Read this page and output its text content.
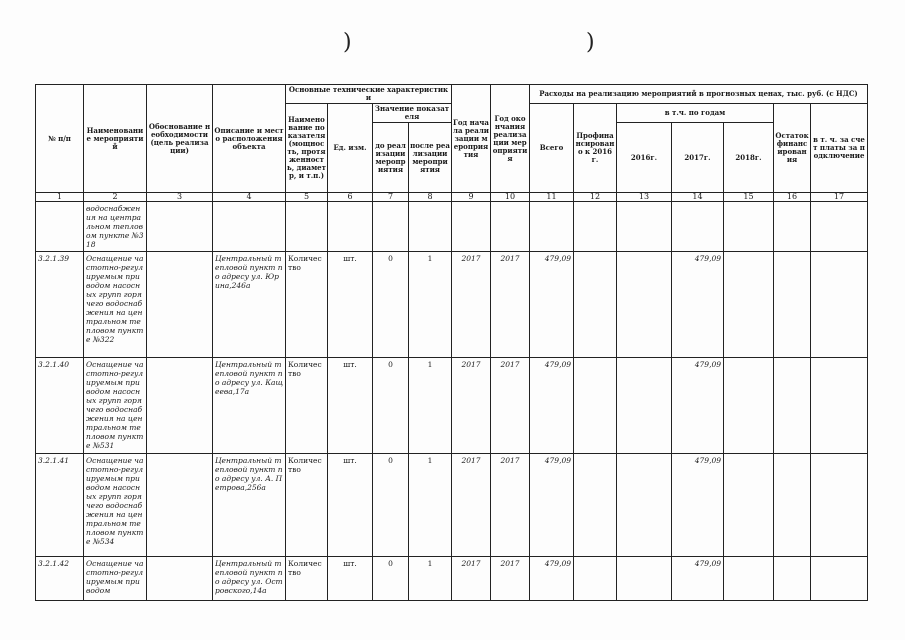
)	)
№ п/п	Наименование мероприятий	Обоснование необходимости (цель реализации)	Описание и место расположения объекта	Основные технические характеристики				Год начала реализации мероприятия	Год окончания реализации мероприятия	Расходы на реализацию мероприятий в прогнозных ценах, тыс. руб. (с НДС)						
				Наименование показателя (мощность, протяженность, диаметр, и т.п.)	Ед. изм.	Значение показателя				Всего	Профинансировано к 2016 г.	в т.ч. по годам			Остаток финансирования	в т. ч. за счет платы за подключение
						до реализации мероприятия	после реализации мероприятия					2016г.	2017г.	2018г.		

1	2	3	4	5	6	7	8	9	10	11	12	13	14	15	16	17
	водоснабжения на центральном тепловом пункте №318															
3.2.1.39	Оснащение частотно-регулируемым приводом насосных групп горячего водоснабжения на центральном тепловом пункте №322		Центральный тепловой пункт по адресу ул. Юрина,246а	Количество	шт.	0	1	2017	2017	479,09			479,09			
3.2.1.40	Оснащение частотно-регулируемым приводом насосных групп горячего водоснабжения на центральном тепловом пункте №531		Центральный тепловой пункт по адресу ул. Кащеева,17а	Количество	шт.	0	1	2017	2017	479,09			479,09			
3.2.1.41	Оснащение частотно-регулируемым приводом насосных групп горячего водоснабжения на центральном тепловом пункте №534		Центральный тепловой пункт по адресу ул. А. Петрова,256а	Количество	шт.	0	1	2017	2017	479,09			479,09			
3.2.1.42	Оснащение частотно-регулируемым приводом		Центральный тепловой пункт по адресу ул. Островского,14а	Количество	шт.	0	1	2017	2017	479,09			479,09			
